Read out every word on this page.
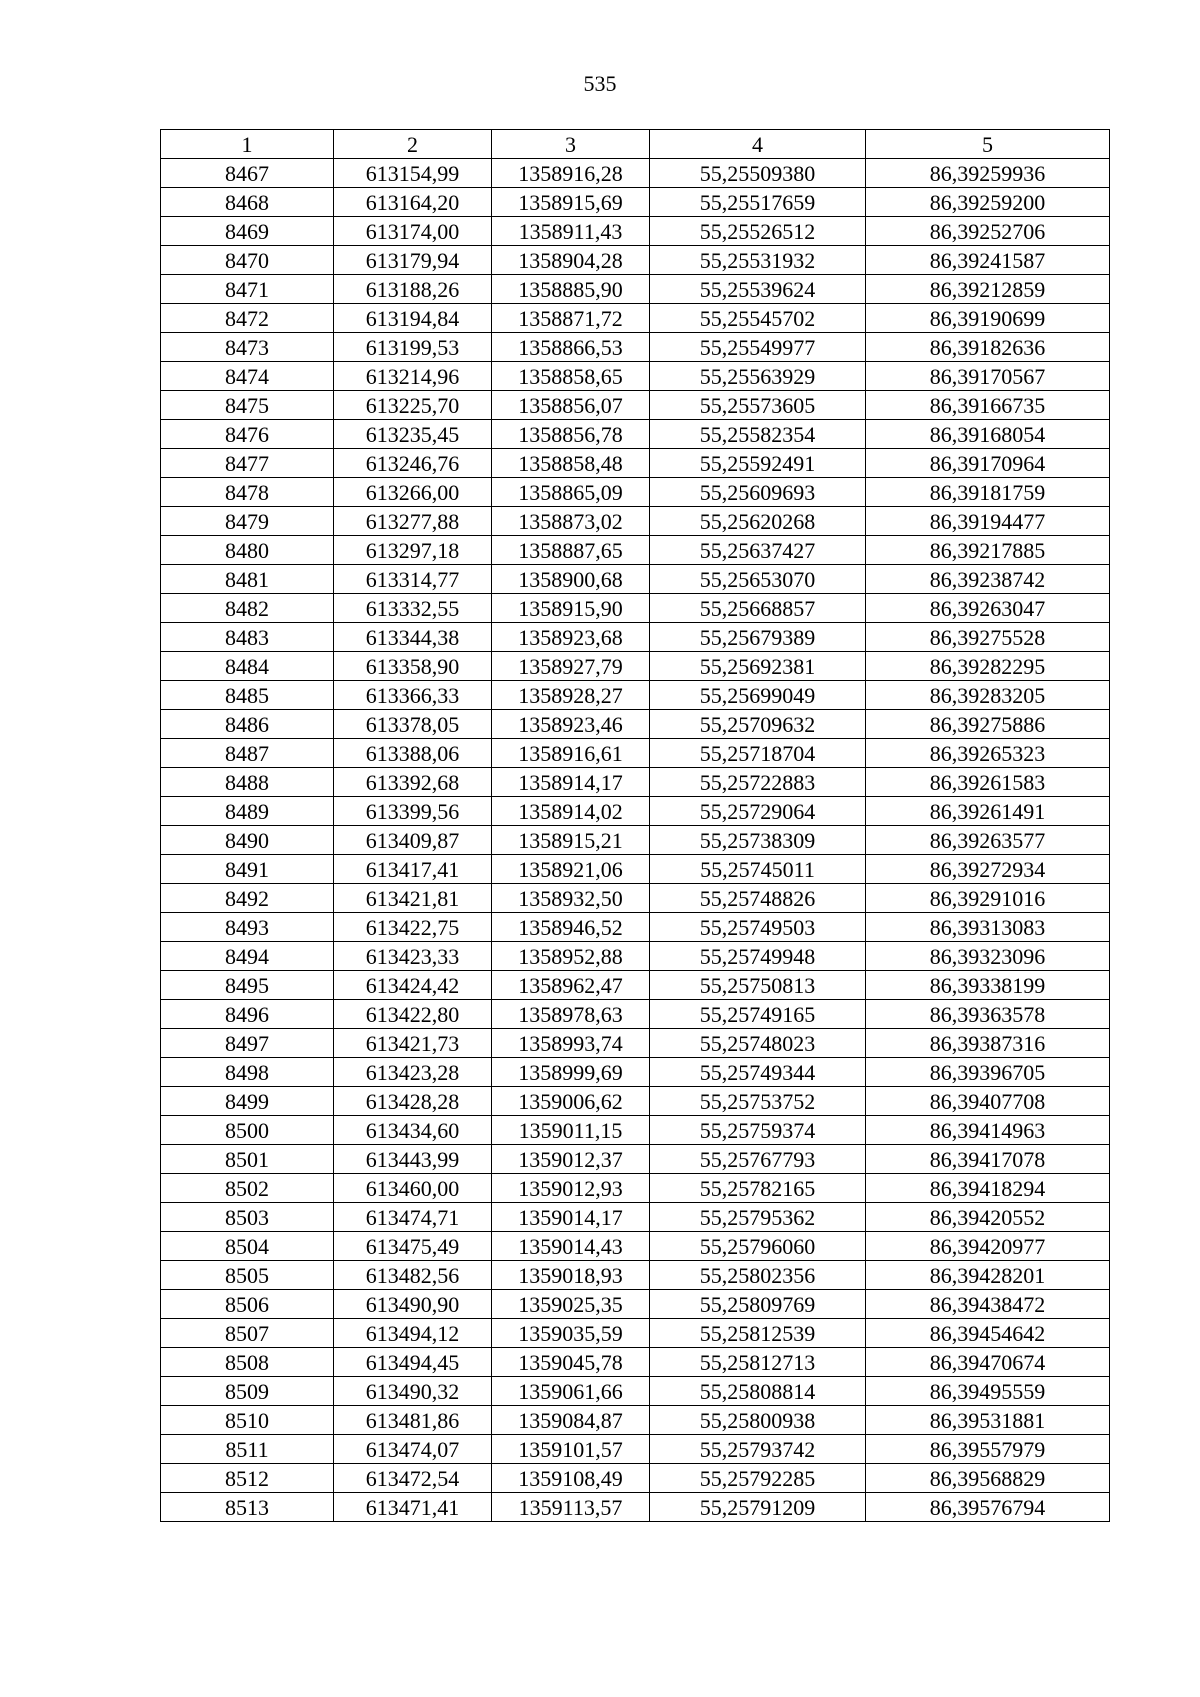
535
1	2	3	4	5
8467	613154,99	1358916,28	55,25509380	86,39259936
8468	613164,20	1358915,69	55,25517659	86,39259200
8469	613174,00	1358911,43	55,25526512	86,39252706
8470	613179,94	1358904,28	55,25531932	86,39241587
8471	613188,26	1358885,90	55,25539624	86,39212859
8472	613194,84	1358871,72	55,25545702	86,39190699
8473	613199,53	1358866,53	55,25549977	86,39182636
8474	613214,96	1358858,65	55,25563929	86,39170567
8475	613225,70	1358856,07	55,25573605	86,39166735
8476	613235,45	1358856,78	55,25582354	86,39168054
8477	613246,76	1358858,48	55,25592491	86,39170964
8478	613266,00	1358865,09	55,25609693	86,39181759
8479	613277,88	1358873,02	55,25620268	86,39194477
8480	613297,18	1358887,65	55,25637427	86,39217885
8481	613314,77	1358900,68	55,25653070	86,39238742
8482	613332,55	1358915,90	55,25668857	86,39263047
8483	613344,38	1358923,68	55,25679389	86,39275528
8484	613358,90	1358927,79	55,25692381	86,39282295
8485	613366,33	1358928,27	55,25699049	86,39283205
8486	613378,05	1358923,46	55,25709632	86,39275886
8487	613388,06	1358916,61	55,25718704	86,39265323
8488	613392,68	1358914,17	55,25722883	86,39261583
8489	613399,56	1358914,02	55,25729064	86,39261491
8490	613409,87	1358915,21	55,25738309	86,39263577
8491	613417,41	1358921,06	55,25745011	86,39272934
8492	613421,81	1358932,50	55,25748826	86,39291016
8493	613422,75	1358946,52	55,25749503	86,39313083
8494	613423,33	1358952,88	55,25749948	86,39323096
8495	613424,42	1358962,47	55,25750813	86,39338199
8496	613422,80	1358978,63	55,25749165	86,39363578
8497	613421,73	1358993,74	55,25748023	86,39387316
8498	613423,28	1358999,69	55,25749344	86,39396705
8499	613428,28	1359006,62	55,25753752	86,39407708
8500	613434,60	1359011,15	55,25759374	86,39414963
8501	613443,99	1359012,37	55,25767793	86,39417078
8502	613460,00	1359012,93	55,25782165	86,39418294
8503	613474,71	1359014,17	55,25795362	86,39420552
8504	613475,49	1359014,43	55,25796060	86,39420977
8505	613482,56	1359018,93	55,25802356	86,39428201
8506	613490,90	1359025,35	55,25809769	86,39438472
8507	613494,12	1359035,59	55,25812539	86,39454642
8508	613494,45	1359045,78	55,25812713	86,39470674
8509	613490,32	1359061,66	55,25808814	86,39495559
8510	613481,86	1359084,87	55,25800938	86,39531881
8511	613474,07	1359101,57	55,25793742	86,39557979
8512	613472,54	1359108,49	55,25792285	86,39568829
8513	613471,41	1359113,57	55,25791209	86,39576794
